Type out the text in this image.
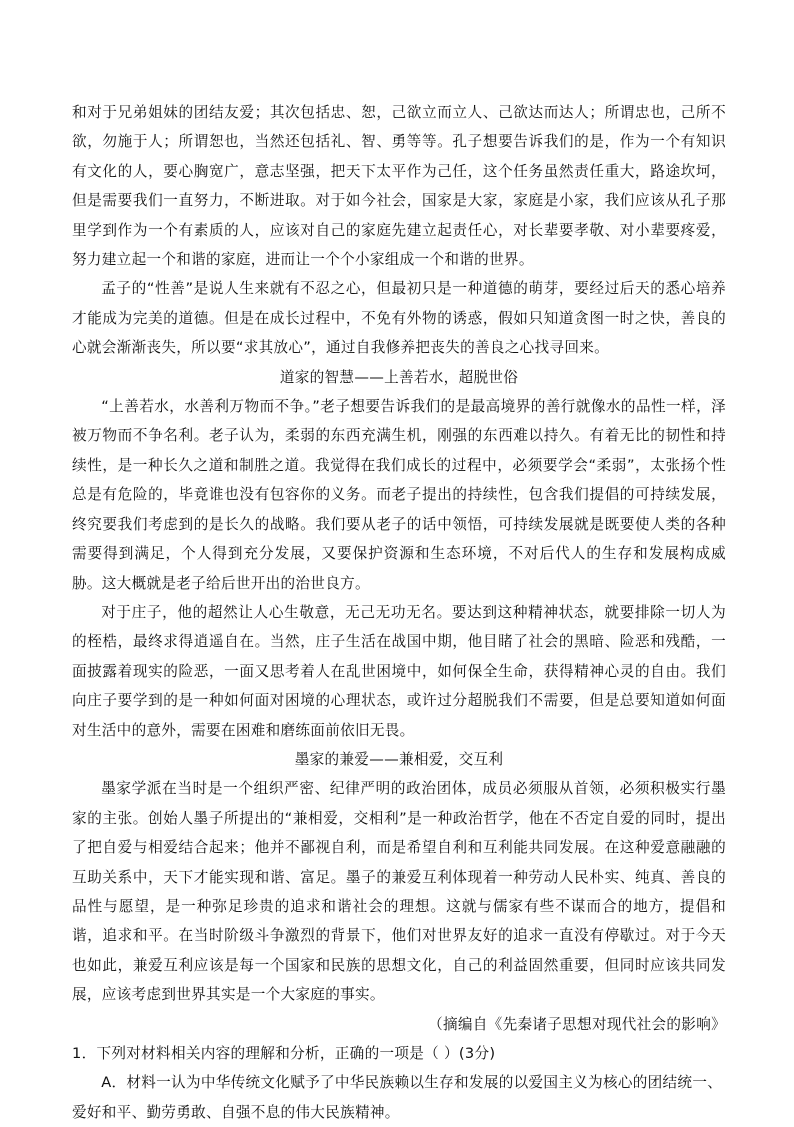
和对于兄弟姐妹的团结友爱；其次包括忠、恕，己欲立而立人、己欲达而达人；所谓忠也，己所不欲，勿施于人；所谓恕也，当然还包括礼、智、勇等等。孔子想要告诉我们的是，作为一个有知识有文化的人，要心胸宽广，意志坚强，把天下太平作为己任，这个任务虽然责任重大，路途坎坷，但是需要我们一直努力，不断进取。对于如今社会，国家是大家，家庭是小家，我们应该从孔子那里学到作为一个有素质的人，应该对自己的家庭先建立起责任心，对长辈要孝敬、对小辈要疼爱，努力建立起一个和谐的家庭，进而让一个个小家组成一个和谐的世界。

孟子的“性善”是说人生来就有不忍之心，但最初只是一种道德的萌芽，要经过后天的悉心培养才能成为完美的道德。但是在成长过程中，不免有外物的诱惑，假如只知道贪图一时之快，善良的心就会渐渐丧失，所以要“求其放心”，通过自我修养把丧失的善良之心找寻回来。

道家的智慧——上善若水，超脱世俗

“上善若水，水善利万物而不争。”老子想要告诉我们的是最高境界的善行就像水的品性一样，泽被万物而不争名利。老子认为，柔弱的东西充满生机，刚强的东西难以持久。有着无比的韧性和持续性，是一种长久之道和制胜之道。我觉得在我们成长的过程中，必须要学会“柔弱”，太张扬个性总是有危险的，毕竟谁也没有包容你的义务。而老子提出的持续性，包含我们提倡的可持续发展，终究要我们考虑到的是长久的战略。我们要从老子的话中领悟，可持续发展就是既要使人类的各种需要得到满足，个人得到充分发展，又要保护资源和生态环境，不对后代人的生存和发展构成威胁。这大概就是老子给后世开出的治世良方。

对于庄子，他的超然让人心生敬意，无己无功无名。要达到这种精神状态，就要排除一切人为的桎梏，最终求得逍遥自在。当然，庄子生活在战国中期，他目睹了社会的黑暗、险恶和残酷，一面披露着现实的险恶，一面又思考着人在乱世困境中，如何保全生命，获得精神心灵的自由。我们向庄子要学到的是一种如何面对困境的心理状态，或许过分超脱我们不需要，但是总要知道如何面对生活中的意外，需要在困难和磨练面前依旧无畏。

墨家的兼爱——兼相爱，交互利

墨家学派在当时是一个组织严密、纪律严明的政治团体，成员必须服从首领，必须积极实行墨家的主张。创始人墨子所提出的“兼相爱，交相利”是一种政治哲学，他在不否定自爱的同时，提出了把自爱与相爱结合起来；他并不鄙视自利，而是希望自利和互利能共同发展。在这种爱意融融的互助关系中，天下才能实现和谐、富足。墨子的兼爱互利体现着一种劳动人民朴实、纯真、善良的品性与愿望，是一种弥足珍贵的追求和谐社会的理想。这就与儒家有些不谋而合的地方，提倡和谐，追求和平。在当时阶级斗争激烈的背景下，他们对世界友好的追求一直没有停歇过。对于今天也如此，兼爱互利应该是每一个国家和民族的思想文化，自己的利益固然重要，但同时应该共同发展，应该考虑到世界其实是一个大家庭的事实。

（摘编自《先秦诸子思想对现代社会的影响》

1．下列对材料相关内容的理解和分析，正确的一项是（ ）(3分)

A．材料一认为中华传统文化赋予了中华民族赖以生存和发展的以爱国主义为核心的团结统一、爱好和平、勤劳勇敢、自强不息的伟大民族精神。
